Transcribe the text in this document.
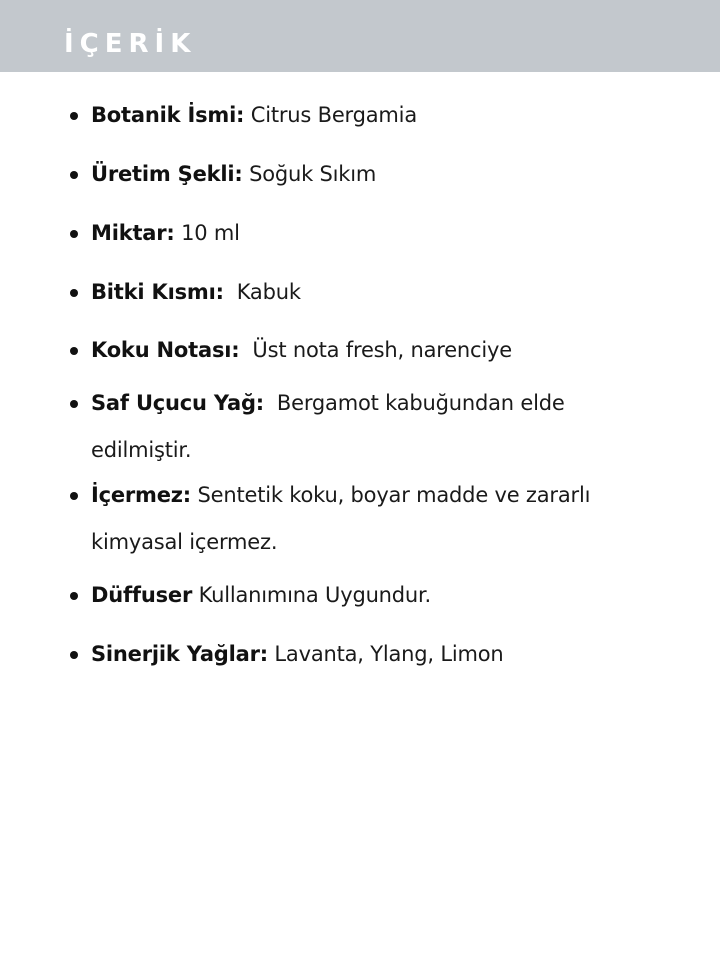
İÇERİK
Botanik İsmi: Citrus Bergamia
Üretim Şekli: Soğuk Sıkım
Miktar: 10 ml
Bitki Kısmı:  Kabuk
Koku Notası:  Üst nota fresh, narenciye
Saf Uçucu Yağ:  Bergamot kabuğundan elde edilmiştir.
İçermez: Sentetik koku, boyar madde ve zararlı kimyasal içermez.
Düffuser Kullanımına Uygundur.
Sinerjik Yağlar: Lavanta, Ylang, Limon
